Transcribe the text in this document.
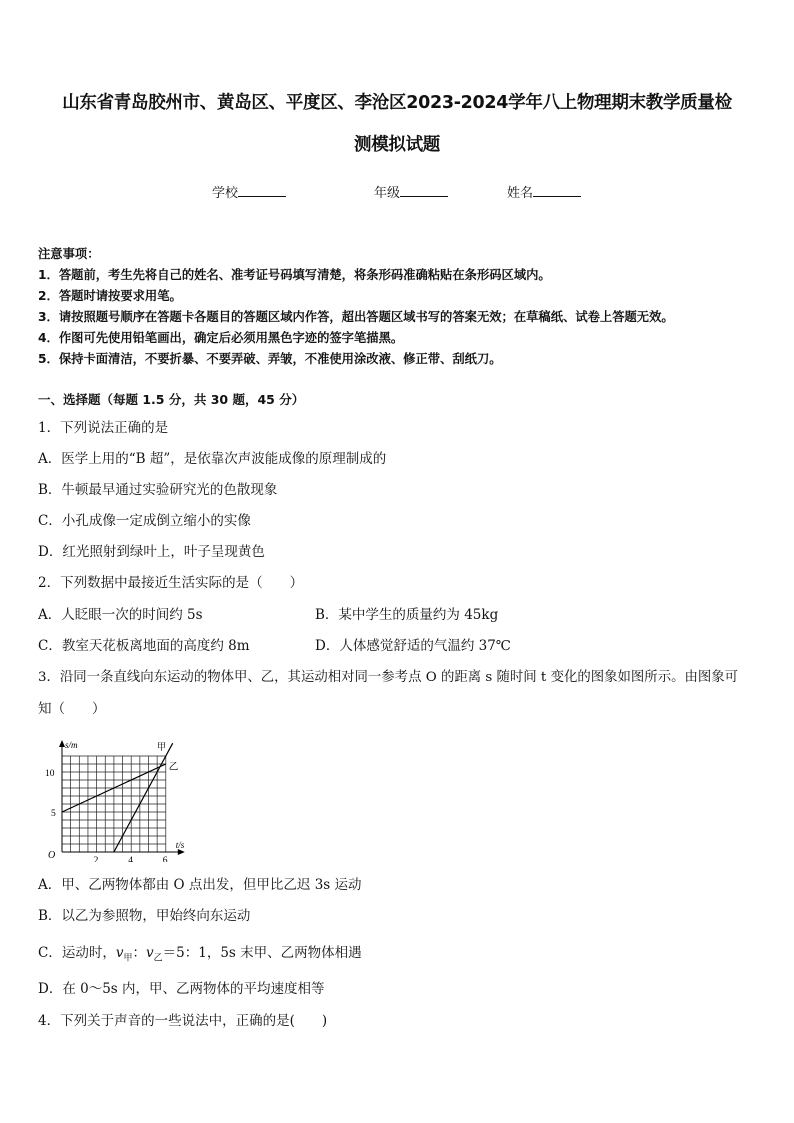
山东省青岛胶州市、黄岛区、平度区、李沧区2023-2024学年八上物理期末教学质量检
测模拟试题
学校	年级	姓名
注意事项：
1．答题前，考生先将自己的姓名、准考证号码填写清楚，将条形码准确粘贴在条形码区域内。
2．答题时请按要求用笔。
3．请按照题号顺序在答题卡各题目的答题区域内作答，超出答题区域书写的答案无效；在草稿纸、试卷上答题无效。
4．作图可先使用铅笔画出，确定后必须用黑色字迹的签字笔描黑。
5．保持卡面清洁，不要折暴、不要弄破、弄皱，不准使用涂改液、修正带、刮纸刀。
一、选择题（每题 1.5 分，共 30 题，45 分）
1．下列说法正确的是
A．医学上用的“B 超”，是依靠次声波能成像的原理制成的
B．牛顿最早通过实验研究光的色散现象
C．小孔成像一定成倒立缩小的实像
D．红光照射到绿叶上，叶子呈现黄色
2．下列数据中最接近生活实际的是（　　）
A．人眨眼一次的时间约 5s	B．某中学生的质量约为 45kg
C．教室天花板离地面的高度约 8m	D．人体感觉舒适的气温约 37℃
3．沿同一条直线向东运动的物体甲、乙，其运动相对同一参考点 O 的距离 s 随时间 t 变化的图象如图所示。由图象可
知（　　）
s/m
t/s
O	2	4	6
5
10
甲
乙
A．甲、乙两物体都由 O 点出发，但甲比乙迟 3s 运动
B．以乙为参照物，甲始终向东运动
C．运动时，$v_甲$：$v_乙=5$：1，5s 末甲、乙两物体相遇
D．在 0～5s 内，甲、乙两物体的平均速度相等
4．下列关于声音的一些说法中，正确的是(　　)
